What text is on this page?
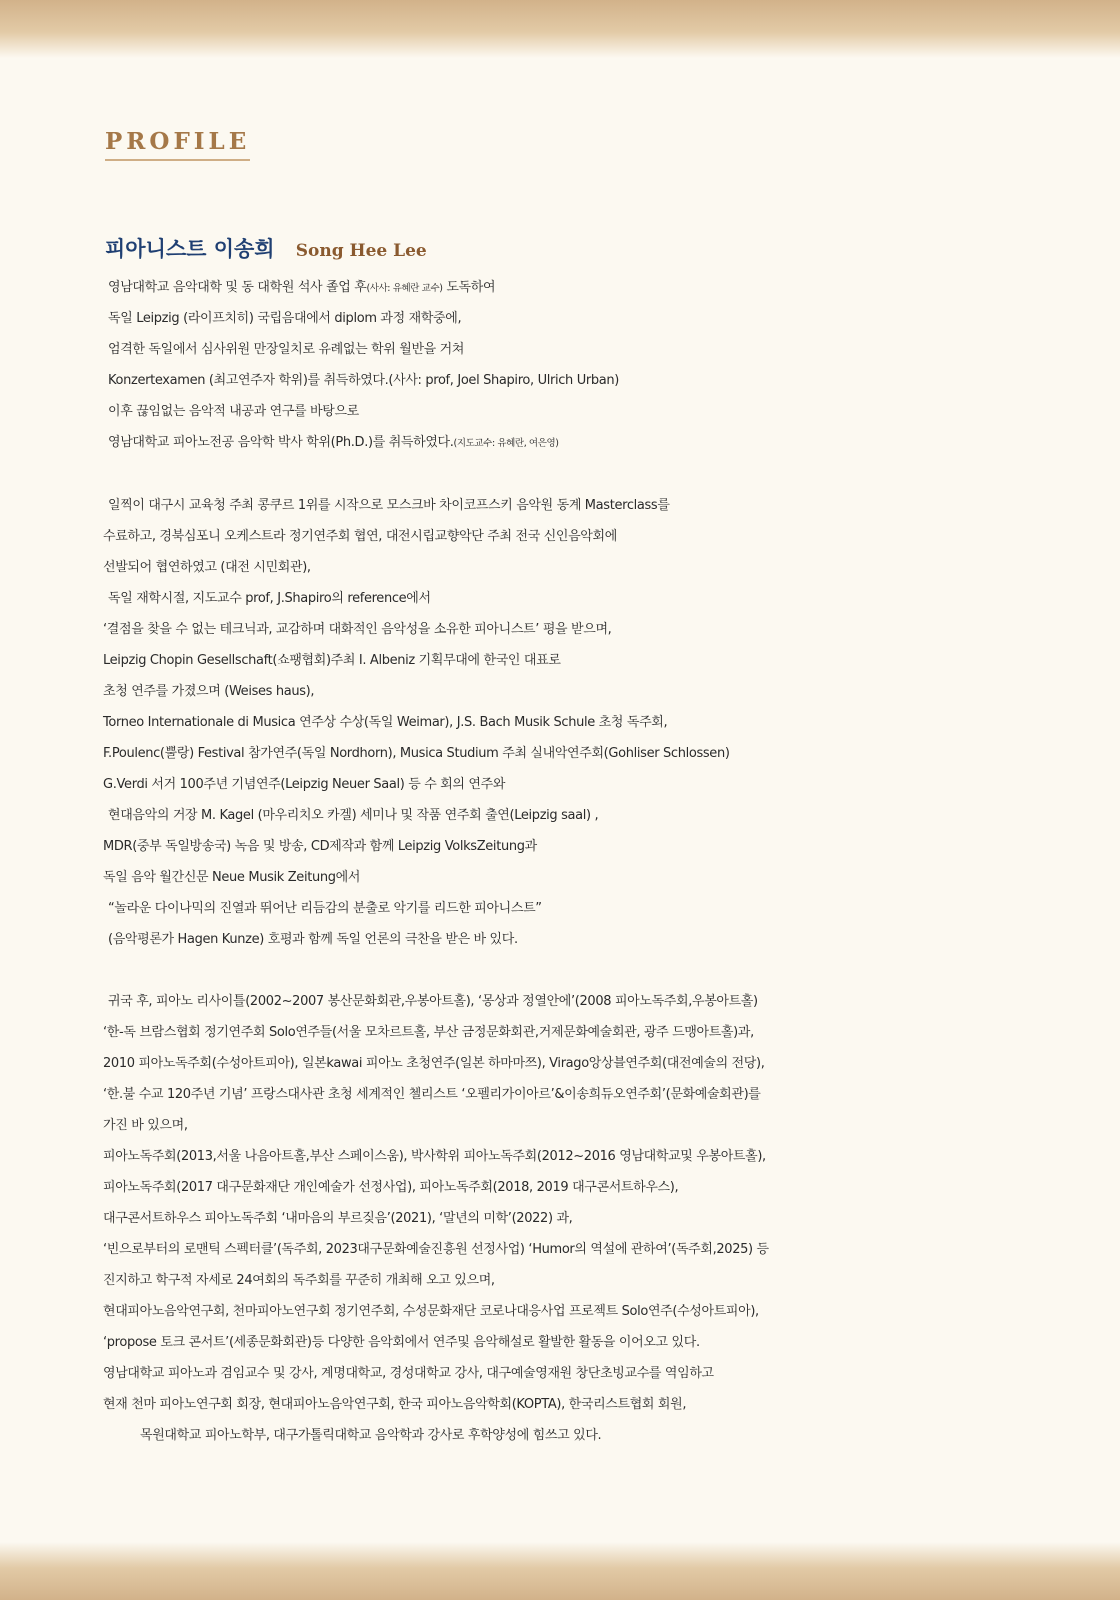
PROFILE
피아니스트 이송희 Song Hee Lee

영남대학교 음악대학 및 동 대학원 석사 졸업 후(사사: 유혜란 교수) 도독하여

독일 Leipzig (라이프치히) 국립음대에서 diplom 과정 재학중에,

엄격한 독일에서 심사위원 만장일치로 유례없는 학위 월반을 거쳐

Konzertexamen (최고연주자 학위)를 취득하였다.(사사: prof, Joel Shapiro, Ulrich Urban)

이후 끊임없는 음악적 내공과 연구를 바탕으로

영남대학교 피아노전공 음악학 박사 학위(Ph.D.)를 취득하였다.(지도교수: 유혜란, 여은영)

일찍이 대구시 교육청 주최 콩쿠르 1위를 시작으로 모스크바 차이코프스키 음악원 동계 Masterclass를

수료하고, 경북심포니 오케스트라 정기연주회 협연, 대전시립교향악단 주최 전국 신인음악회에

선발되어 협연하였고 (대전 시민회관),

독일 재학시절, 지도교수 prof, J.Shapiro의 reference에서

‘결점을 찾을 수 없는 테크닉과, 교감하며 대화적인 음악성을 소유한 피아니스트’ 평을 받으며,

Leipzig Chopin Gesellschaft(쇼팽협회)주최 I. Albeniz 기획무대에 한국인 대표로

초청 연주를 가졌으며 (Weises haus),

Torneo Internationale di Musica 연주상 수상(독일 Weimar), J.S. Bach Musik Schule 초청 독주회,

F.Poulenc(뿔랑) Festival 참가연주(독일 Nordhorn), Musica Studium 주최 실내악연주회(Gohliser Schlossen)

G.Verdi 서거 100주년 기념연주(Leipzig Neuer Saal) 등 수 회의 연주와

현대음악의 거장 M. Kagel (마우리치오 카겔) 세미나 및 작품 연주회 출연(Leipzig saal) ,

MDR(중부 독일방송국) 녹음 및 방송, CD제작과 함께 Leipzig VolksZeitung과

독일 음악 월간신문 Neue Musik Zeitung에서

“놀라운 다이나믹의 진열과 뛰어난 리듬감의 분출로 악기를 리드한 피아니스트”

(음악평론가 Hagen Kunze) 호평과 함께 독일 언론의 극찬을 받은 바 있다.

귀국 후, 피아노 리사이틀(2002~2007 봉산문화회관,우봉아트홀), ‘몽상과 정열안에’(2008 피아노독주회,우봉아트홀)

‘한-독 브람스협회 정기연주회 Solo연주들(서울 모차르트홀, 부산 금정문화회관,거제문화예술회관, 광주 드맹아트홀)과,

2010 피아노독주회(수성아트피아), 일본kawai 피아노 초청연주(일본 하마마쯔), Virago앙상블연주회(대전예술의 전당),

‘한.불 수교 120주년 기념’ 프랑스대사관 초청 세계적인 첼리스트 ‘오펠리가이아르’&이송희듀오연주회’(문화예술회관)를

가진 바 있으며,

피아노독주회(2013,서울 나음아트홀,부산 스페이스움), 박사학위 피아노독주회(2012~2016 영남대학교및 우봉아트홀),

피아노독주회(2017 대구문화재단 개인예술가 선정사업), 피아노독주회(2018, 2019 대구콘서트하우스),

대구콘서트하우스 피아노독주회 ‘내마음의 부르짖음’(2021), ‘말년의 미학’(2022) 과,

‘빈으로부터의 로맨틱 스펙터클’(독주회, 2023대구문화예술진흥원 선정사업) ‘Humor의 역설에 관하여’(독주회,2025) 등

진지하고 학구적 자세로 24여회의 독주회를 꾸준히 개최해 오고 있으며,

현대피아노음악연구회, 천마피아노연구회 정기연주회, 수성문화재단 코로나대응사업 프로젝트 Solo연주(수성아트피아),

‘propose 토크 콘서트’(세종문화회관)등 다양한 음악회에서 연주및 음악해설로 활발한 활동을 이어오고 있다.

영남대학교 피아노과 겸임교수 및 강사, 계명대학교, 경성대학교 강사, 대구예술영재원 창단초빙교수를 역임하고

현재 천마 피아노연구회 회장, 현대피아노음악연구회, 한국 피아노음악학회(KOPTA), 한국리스트협회 회원,

목원대학교 피아노학부, 대구가톨릭대학교 음악학과 강사로 후학양성에 힘쓰고 있다.
